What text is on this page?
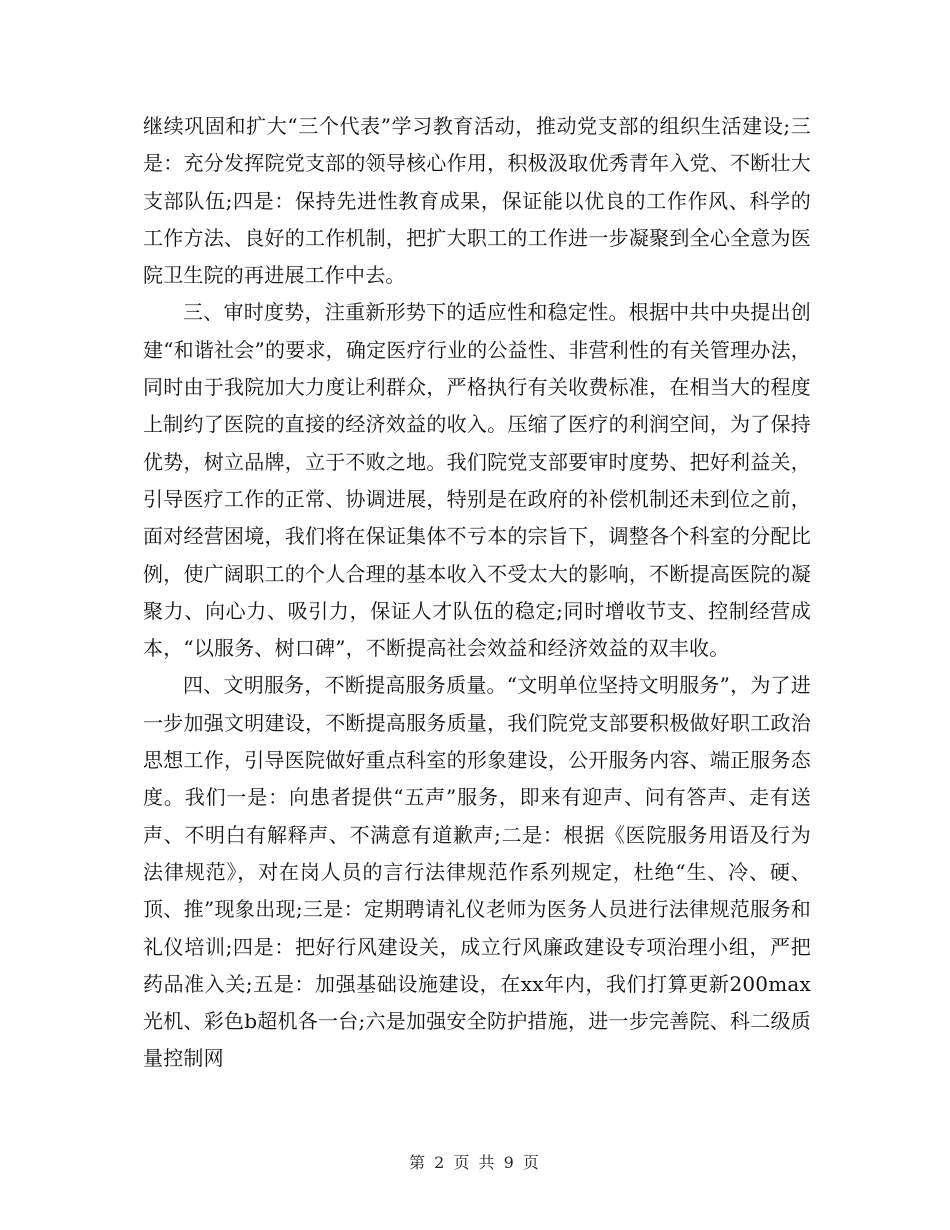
继续巩固和扩大“三个代表”学习教育活动，推动党支部的组织生活建设;三是：充分发挥院党支部的领导核心作用，积极汲取优秀青年入党、不断壮大支部队伍;四是：保持先进性教育成果，保证能以优良的工作作风、科学的工作方法、良好的工作机制，把扩大职工的工作进一步凝聚到全心全意为医院卫生院的再进展工作中去。

三、审时度势，注重新形势下的适应性和稳定性。根据中共中央提出创建“和谐社会”的要求，确定医疗行业的公益性、非营利性的有关管理办法，同时由于我院加大力度让利群众，严格执行有关收费标准，在相当大的程度上制约了医院的直接的经济效益的收入。压缩了医疗的利润空间，为了保持优势，树立品牌，立于不败之地。我们院党支部要审时度势、把好利益关，引导医疗工作的正常、协调进展，特别是在政府的补偿机制还未到位之前，面对经营困境，我们将在保证集体不亏本的宗旨下，调整各个科室的分配比例，使广阔职工的个人合理的基本收入不受太大的影响，不断提高医院的凝聚力、向心力、吸引力，保证人才队伍的稳定;同时增收节支、控制经营成本，“以服务、树口碑”，不断提高社会效益和经济效益的双丰收。

四、文明服务，不断提高服务质量。“文明单位坚持文明服务”，为了进一步加强文明建设，不断提高服务质量，我们院党支部要积极做好职工政治思想工作，引导医院做好重点科室的形象建设，公开服务内容、端正服务态度。我们一是：向患者提供“五声”服务，即来有迎声、问有答声、走有送声、不明白有解释声、不满意有道歉声;二是：根据《医院服务用语及行为法律规范》，对在岗人员的言行法律规范作系列规定，杜绝“生、冷、硬、顶、推”现象出现;三是：定期聘请礼仪老师为医务人员进行法律规范服务和礼仪培训;四是：把好行风建设关，成立行风廉政建设专项治理小组，严把药品准入关;五是：加强基础设施建设，在xx年内，我们打算更新200max光机、彩色b超机各一台;六是加强安全防护措施，进一步完善院、科二级质量控制网

第 2 页 共 9 页
